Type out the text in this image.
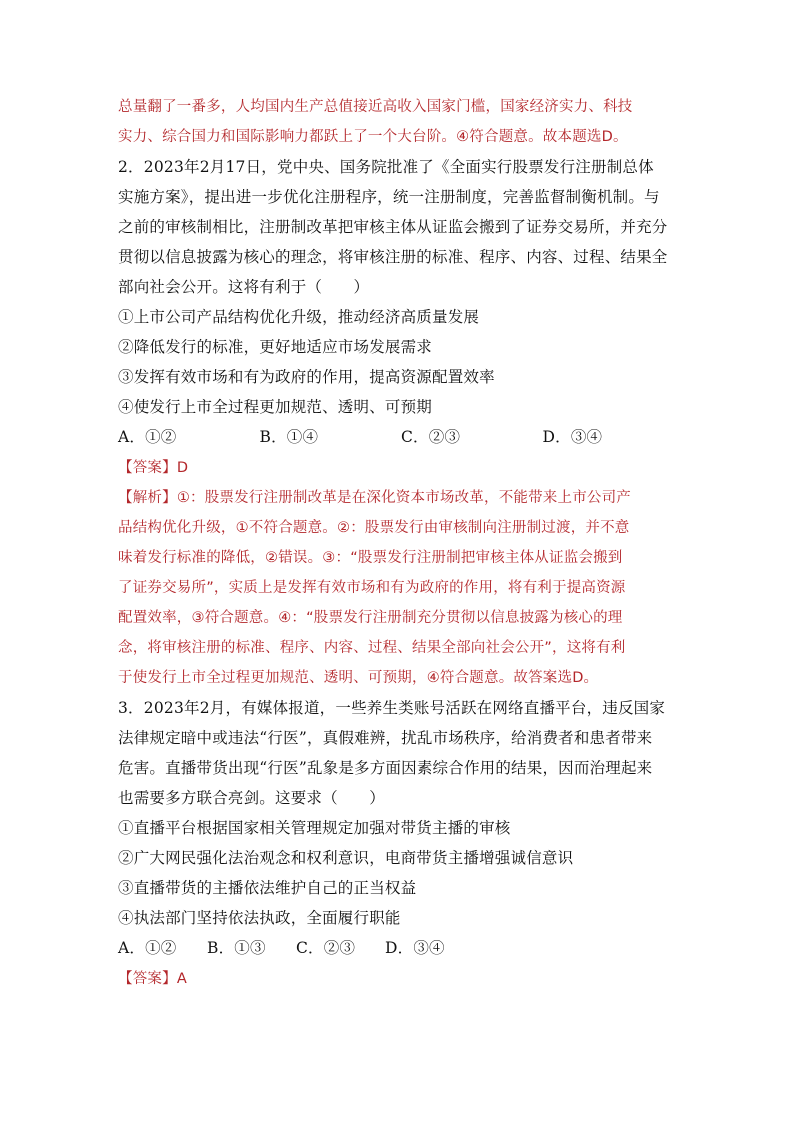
总量翻了一番多，人均国内生产总值接近高收入国家门槛，国家经济实力、科技
实力、综合国力和国际影响力都跃上了一个大台阶。④符合题意。故本题选D。
2．2023年2月17日，党中央、国务院批准了《全面实行股票发行注册制总体
实施方案》，提出进一步优化注册程序，统一注册制度，完善监督制衡机制。与
之前的审核制相比，注册制改革把审核主体从证监会搬到了证券交易所，并充分
贯彻以信息披露为核心的理念，将审核注册的标准、程序、内容、过程、结果全
部向社会公开。这将有利于（　　）
①上市公司产品结构优化升级，推动经济高质量发展
②降低发行的标准，更好地适应市场发展需求
③发挥有效市场和有为政府的作用，提高资源配置效率
④使发行上市全过程更加规范、透明、可预期
A．①②	B．①④	C．②③	D．③④
【答案】D
【解析】①：股票发行注册制改革是在深化资本市场改革，不能带来上市公司产
品结构优化升级，①不符合题意。②：股票发行由审核制向注册制过渡，并不意
味着发行标准的降低，②错误。③：“股票发行注册制把审核主体从证监会搬到
了证券交易所”，实质上是发挥有效市场和有为政府的作用，将有利于提高资源
配置效率，③符合题意。④：“股票发行注册制充分贯彻以信息披露为核心的理
念，将审核注册的标准、程序、内容、过程、结果全部向社会公开”，这将有利
于使发行上市全过程更加规范、透明、可预期，④符合题意。故答案选D。
3．2023年2月，有媒体报道，一些养生类账号活跃在网络直播平台，违反国家
法律规定暗中或违法“行医”，真假难辨，扰乱市场秩序，给消费者和患者带来
危害。直播带货出现“行医”乱象是多方面因素综合作用的结果，因而治理起来
也需要多方联合亮剑。这要求（　　）
①直播平台根据国家相关管理规定加强对带货主播的审核
②广大网民强化法治观念和权利意识，电商带货主播增强诚信意识
③直播带货的主播依法维护自己的正当权益
④执法部门坚持依法执政，全面履行职能
A．①②	B．①③	C．②③	D．③④
【答案】A
